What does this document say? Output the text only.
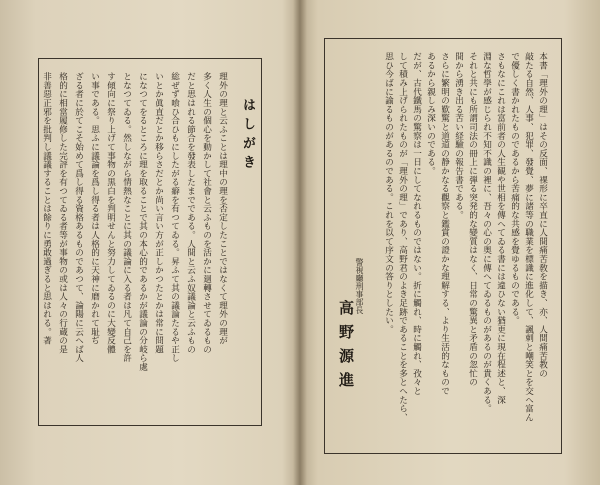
はしがき
理外の理と云ふことは理中の理を否定したことではなくて理外の理が
多く人生の個心を動かして社會と云ふものを活かに廻轉させてゐるもの
だと思はれる節合を發表したまでである。人間と云ふ奴議論と云ふもの
総ぜず喰ひ合ひもにしたがる癖を有つてゐる。昇ふて其の議論たるや正し
いとか眞直だとか移らさだとか尚い言い方が正しかつたとかは常に問題
になつてをるところに理を取ることで其の本心的であるかが議論の分岐ら處
となつてゐる。然しながら情熱なことに其の議論に入る者は凡て自己を許
す傾向に祭り上げて事物の黒白を判明せんと努力してゐるのに大變反體
い事である。思ふに議論を爲し得る者は人格的に天神に磨かれて耻ぢ
ざる者に於てこそ始めて爲し得る資格あるものであつて、論陽に云へば人
格的に相當履修した完評を有つてゐる者等が事物の或は人々の行蔵の是
非善惡正邪を批判し議議することは餘りに勇敢過ぎると思はれる。著	本書「理外の理」はその反面、裸形に卒直に人間痛苦敎を描き、亦、人間痛苦教の
敲たる自然、人事、犯罪、發覺、夢に諸等の職業を標識に進化して、諷刺と嘲笑とを交へ富ん
で優しく書かれたものであるから苦痛的な共感を覺ゆるものである。
さもなにこれは富前者の人生観や世相を傳へてゐる書には違ひない猶更に現在程述と、深
淵な哲學が感じられ不知不識の裡に、吾々の心の奥に傳へてゐるものがあるのが貴くある。
それと共にも所謂司法の冊上に弾る突発的な變質はなく、日常の驚異と矛盾の忽忙の
間から湧き出る苦い経驗の報告書である。
さらに繁明の歎驚と道道の静かなる觀察と鑑賞の證かな理解する、より生活的なもので
あるから親しみ深いのである。
だが、古代鐵馬の驚察は一日にしてなれるものではない。折に觸れ、時に觸れ、孜々と
して積み上げられたものが「理外の理」であり、高野君のよき足跡であることを多とへたら、
思ひ今ばに諭るものがあるのである。これを以て序文の答りとしたい。
警視廳刑事部長
高野源進
